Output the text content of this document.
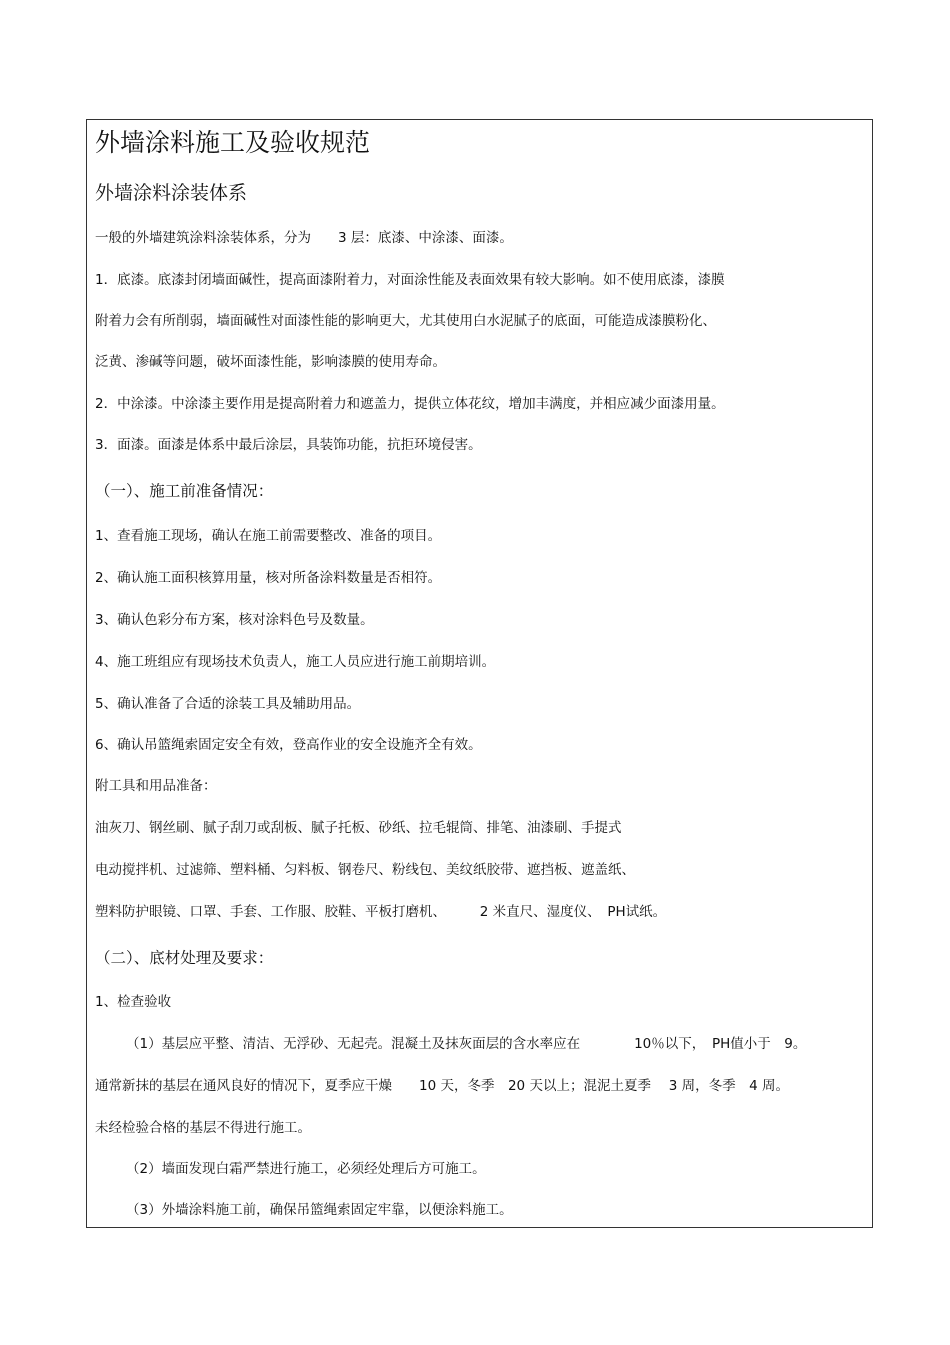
外墙涂料施工及验收规范
外墙涂料涂装体系
一般的外墙建筑涂料涂装体系，分为　　3 层：底漆、中涂漆、面漆。
1．底漆。底漆封闭墙面碱性，提高面漆附着力，对面涂性能及表面效果有较大影响。如不使用底漆，漆膜
附着力会有所削弱，墙面碱性对面漆性能的影响更大，尤其使用白水泥腻子的底面，可能造成漆膜粉化、
泛黄、渗碱等问题，破坏面漆性能，影响漆膜的使用寿命。
2．中涂漆。中涂漆主要作用是提高附着力和遮盖力，提供立体花纹，增加丰满度，并相应减少面漆用量。
3．面漆。面漆是体系中最后涂层，具装饰功能，抗拒环境侵害。
（一）、施工前准备情况：
1、查看施工现场，确认在施工前需要整改、准备的项目。
2、确认施工面积核算用量，核对所备涂料数量是否相符。
3、确认色彩分布方案，核对涂料色号及数量。
4、施工班组应有现场技术负责人，施工人员应进行施工前期培训。
5、确认准备了合适的涂装工具及辅助用品。
6、确认吊篮绳索固定安全有效，登高作业的安全设施齐全有效。
附工具和用品准备：
油灰刀、钢丝刷、腻子刮刀或刮板、腻子托板、砂纸、拉毛辊筒、排笔、油漆刷、手提式
电动搅拌机、过滤筛、塑料桶、匀料板、钢卷尺、粉线包、美纹纸胶带、遮挡板、遮盖纸、
塑料防护眼镜、口罩、手套、工作服、胶鞋、平板打磨机、　　　2 米直尺、湿度仪、　PH试纸。
（二）、底材处理及要求：
1、检查验收
（1）基层应平整、清洁、无浮砂、无起壳。混凝土及抹灰面层的含水率应在　　　　10％以下，　PH值小于　9。
通常新抹的基层在通风良好的情况下，夏季应干燥　　10 天，冬季　20 天以上；混泥土夏季　 3 周，冬季　4 周。
未经检验合格的基层不得进行施工。
（2）墙面发现白霜严禁进行施工，必须经处理后方可施工。
（3）外墙涂料施工前，确保吊篮绳索固定牢靠，以便涂料施工。
